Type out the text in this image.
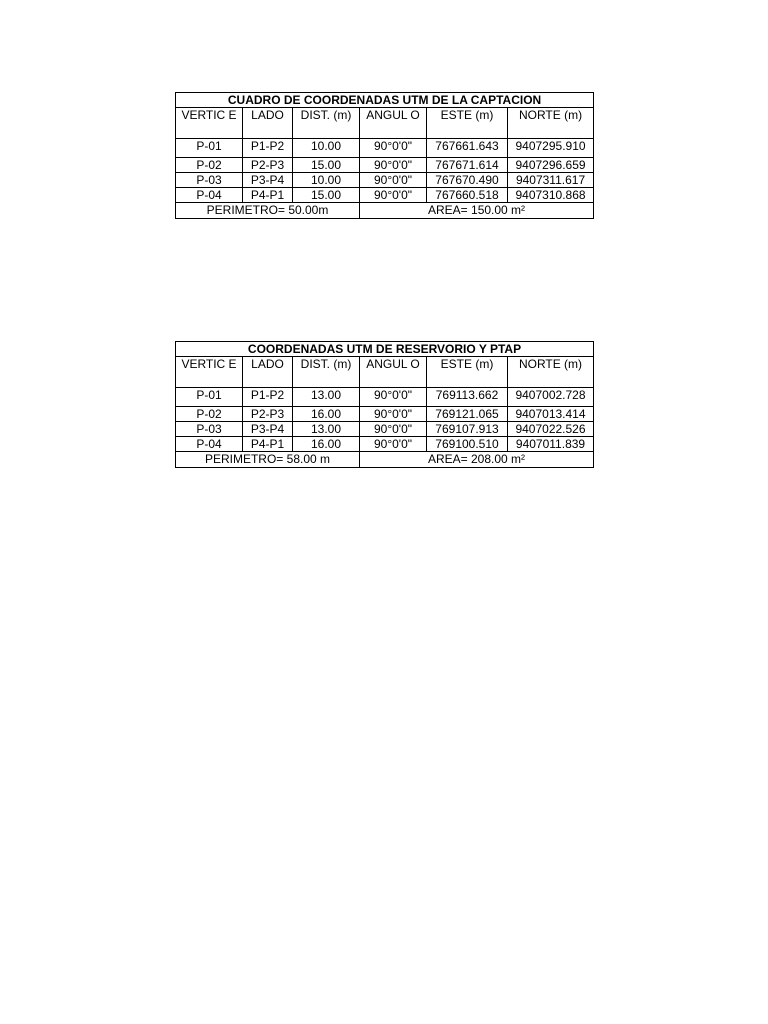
CUADRO DE COORDENADAS UTM DE LA CAPTACION					
VERTIC E	LADO	DIST. (m)	ANGUL O	ESTE (m)	NORTE (m)
P-01	P1-P2	10.00	90°0'0"	767661.643	9407295.910
P-02	P2-P3	15.00	90°0'0"	767671.614	9407296.659
P-03	P3-P4	10.00	90°0'0"	767670.490	9407311.617
P-04	P4-P1	15.00	90°0'0"	767660.518	9407310.868
PERIMETRO= 50.00m			AREA= 150.00 m²		
COORDENADAS UTM DE RESERVORIO Y PTAP					
VERTIC E	LADO	DIST. (m)	ANGUL O	ESTE (m)	NORTE (m)
P-01	P1-P2	13.00	90°0'0"	769113.662	9407002.728
P-02	P2-P3	16.00	90°0'0"	769121.065	9407013.414
P-03	P3-P4	13.00	90°0'0"	769107.913	9407022.526
P-04	P4-P1	16.00	90°0'0"	769100.510	9407011.839
PERIMETRO= 58.00 m			AREA= 208.00 m²		
